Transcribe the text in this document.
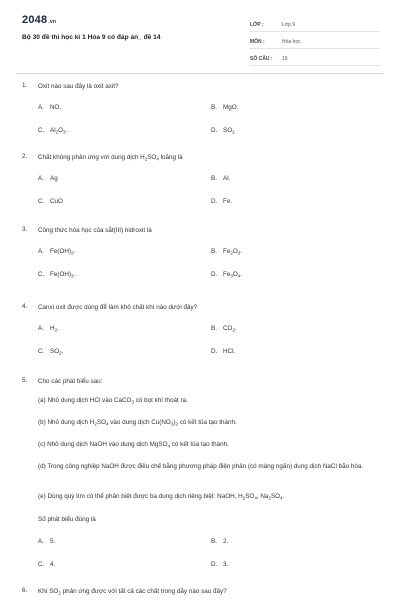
2048.vn
Bộ 30 đề thi học kì 1 Hóa 9 có đáp án_ đề 14
LỚP :	Lớp 9
MÔN :	Hóa học
SỐ CÂU : 15
1. Oxit nào sau đây là oxit axit?
A. NO.	B. MgO.
C. $Al_2O_3$.	D. $SO_2$
2. Chất không phản ứng với dung dịch $H_2SO_4$ loãng là
A. Ag	B. Al.
C. CuO	D. Fe.
3. Công thức hóa học của sắt(III) hidroxit là
A. $Fe(OH)_2$.	B. $Fe_2O_3$.
C. $Fe(OH)_3$.	D. $Fe_3O_4$.
4. Canxi oxit được dùng để làm khô chất khí nào dưới đây?
A. $H_2$.	B. $CO_2$.
C. $SO_2$.	D. HCl.
5. Cho các phát biểu sau:
(a) Nhỏ dung dịch HCl vào CaCO$_3$ có bọt khí thoát ra.
(b) Nhỏ dung dịch $H_2SO_4$ vào dung dịch $Cu(NO_3)_2$ có kết tủa tạo thành.
(c) Nhỏ dung dịch NaOH vào dung dịch MgSO$_4$ có kết tủa tạo thành.
(d) Trong công nghiệp NaOH được điều chế bằng phương pháp điện phân (có màng ngăn) dung dịch NaCl bão hòa.
(e) Dùng quỳ tím có thể phân biệt được ba dung dịch riêng biệt: NaOH, $H_2SO_4$, $Na_2SO_4$.
Số phát biểu đúng là
A. 5.	B. 2.
C. 4.	D. 3.
6. Khí $SO_2$ phản ứng được với tất cả các chất trong dãy nào sau đây?
